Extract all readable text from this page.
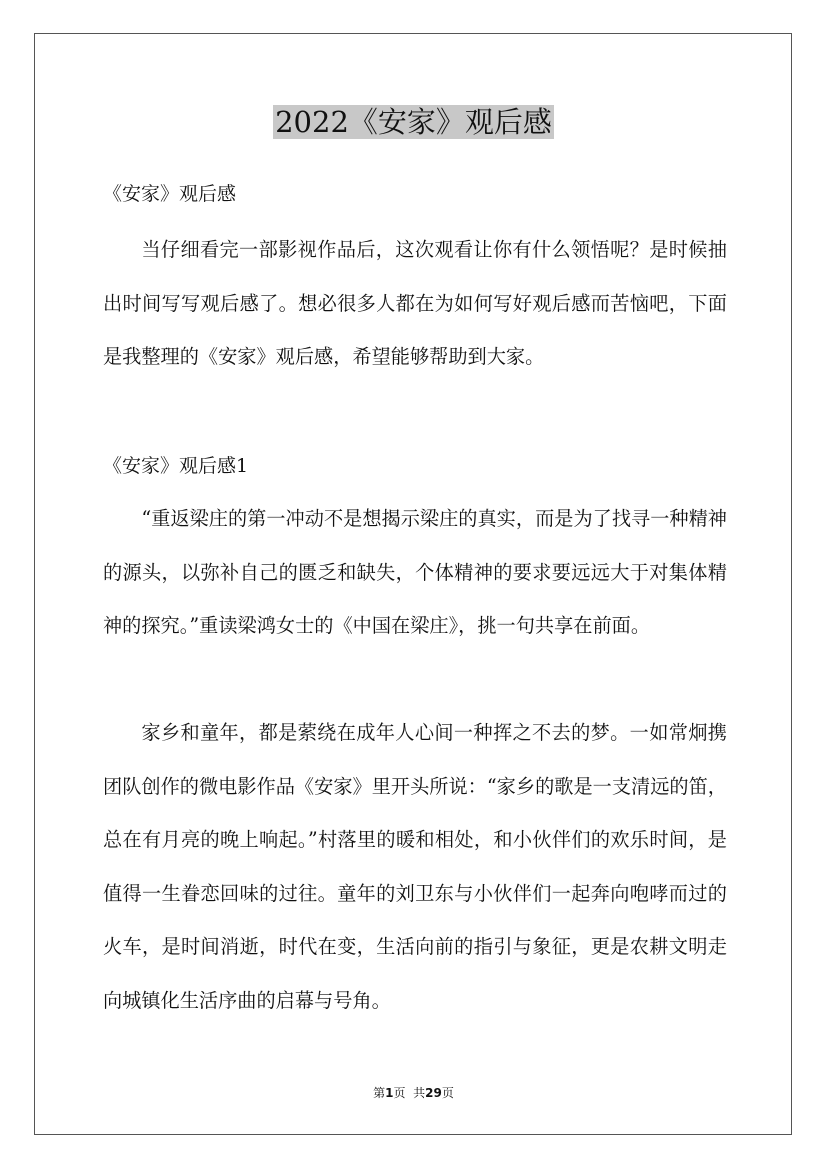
2022《安家》观后感
《安家》观后感

当仔细看完一部影视作品后，这次观看让你有什么领悟呢？是时候抽出时间写写观后感了。想必很多人都在为如何写好观后感而苦恼吧，下面是我整理的《安家》观后感，希望能够帮助到大家。

《安家》观后感1

“重返梁庄的第一冲动不是想揭示梁庄的真实，而是为了找寻一种精神的源头，以弥补自己的匮乏和缺失，个体精神的要求要远远大于对集体精神的探究。”重读梁鸿女士的《中国在梁庄》，挑一句共享在前面。

家乡和童年，都是萦绕在成年人心间一种挥之不去的梦。一如常炯携团队创作的微电影作品《安家》里开头所说：“家乡的歌是一支清远的笛，总在有月亮的晚上响起。”村落里的暖和相处，和小伙伴们的欢乐时间，是值得一生眷恋回味的过往。童年的刘卫东与小伙伴们一起奔向咆哮而过的火车，是时间消逝，时代在变，生活向前的指引与象征，更是农耕文明走向城镇化生活序曲的启幕与号角。

第1页 共29页
